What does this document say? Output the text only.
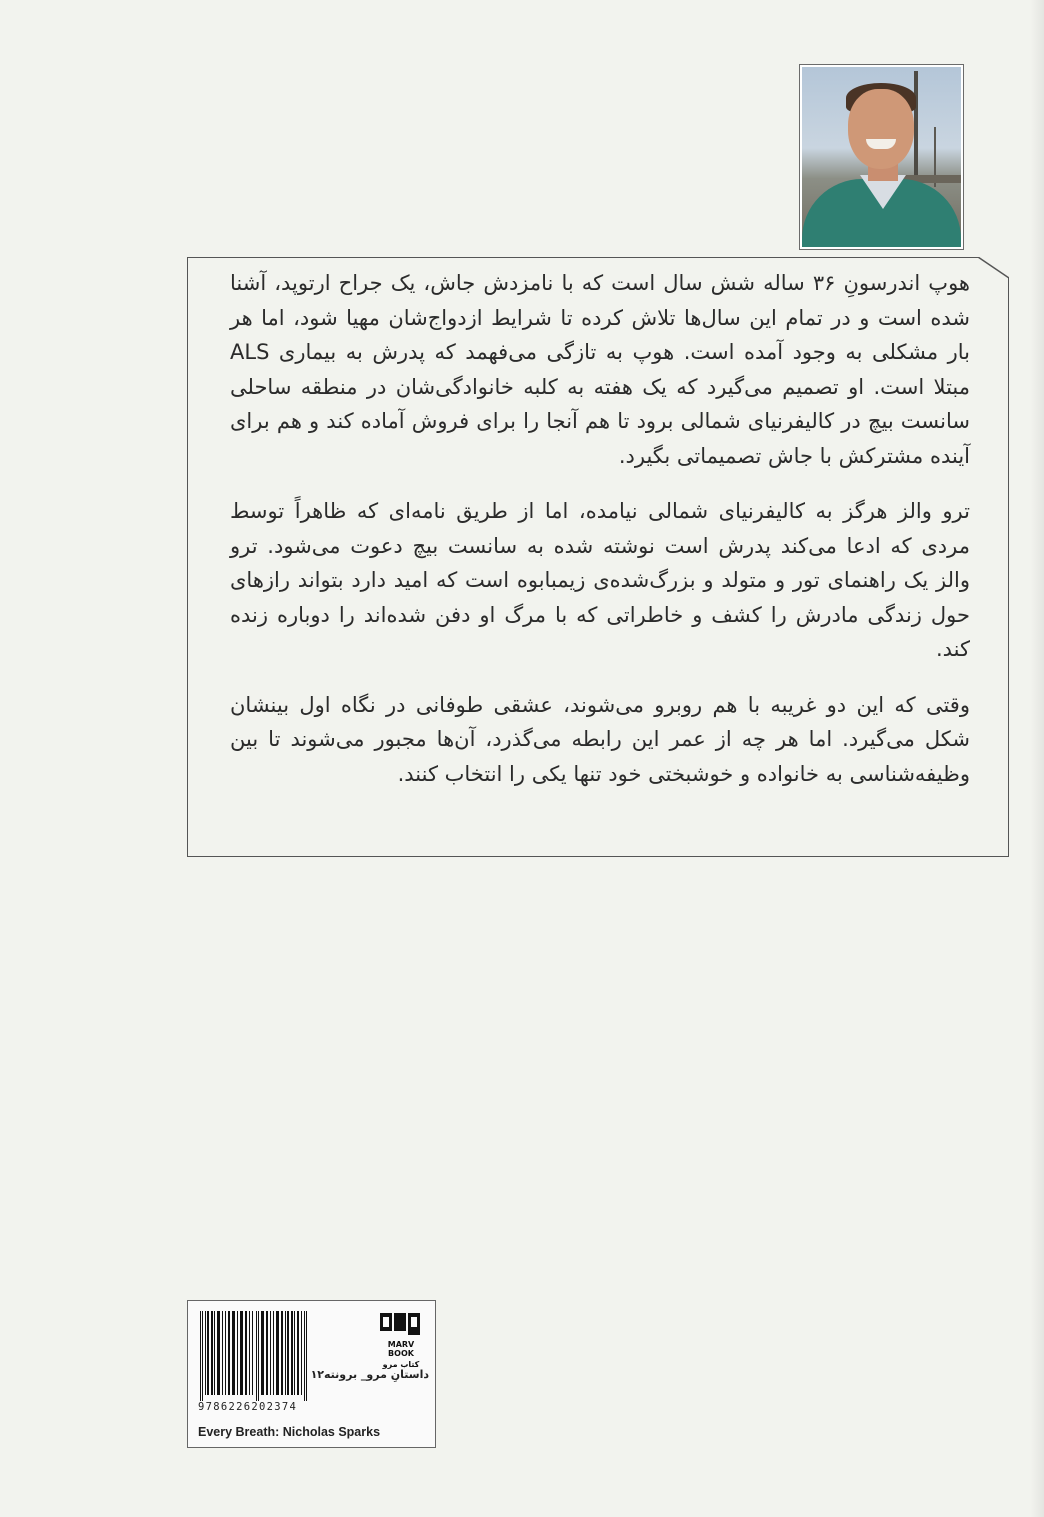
هوپ اندرسونِ ۳۶ ساله شش سال است که با نامزدش جاش، یک جراح ارتوپد، آشنا شده است و در تمام این سال‌ها تلاش کرده تا شرایط ازدواج‌شان مهیا شود، اما هر بار مشکلی به وجود آمده است. هوپ به تازگی می‌فهمد که پدرش به بیماری ALS مبتلا است. او تصمیم می‌گیرد که یک هفته به کلبه خانوادگی‌شان در منطقه ساحلی سانست بیچ در کالیفرنیای شمالی برود تا هم آنجا را برای فروش آماده کند و هم برای آینده مشترکش با جاش تصمیماتی بگیرد.

ترو والز هرگز به کالیفرنیای شمالی نیامده، اما از طریق نامه‌ای که ظاهراً توسط مردی که ادعا می‌کند پدرش است نوشته شده به سانست بیچ دعوت می‌شود. ترو والز یک راهنمای تور و متولد و بزرگ‌شده‌ی زیمبابوه است که امید دارد بتواند رازهای حول زندگی مادرش را کشف و خاطراتی که با مرگ او دفن شده‌اند را دوباره زنده کند.

وقتی که این دو غریبه با هم روبرو می‌شوند، عشقی طوفانی در نگاه اول بینشان شکل می‌گیرد. اما هر چه از عمر این رابطه می‌گذرد، آن‌ها مجبور می‌شوند تا بین وظیفه‌شناسی به خانواده و خوشبختی خود تنها یکی را انتخاب کنند.

9786226202374
MARV
BOOK
کتاب مرو
داستانِ مرو_ برونته۱۲
Every Breath: Nicholas Sparks
